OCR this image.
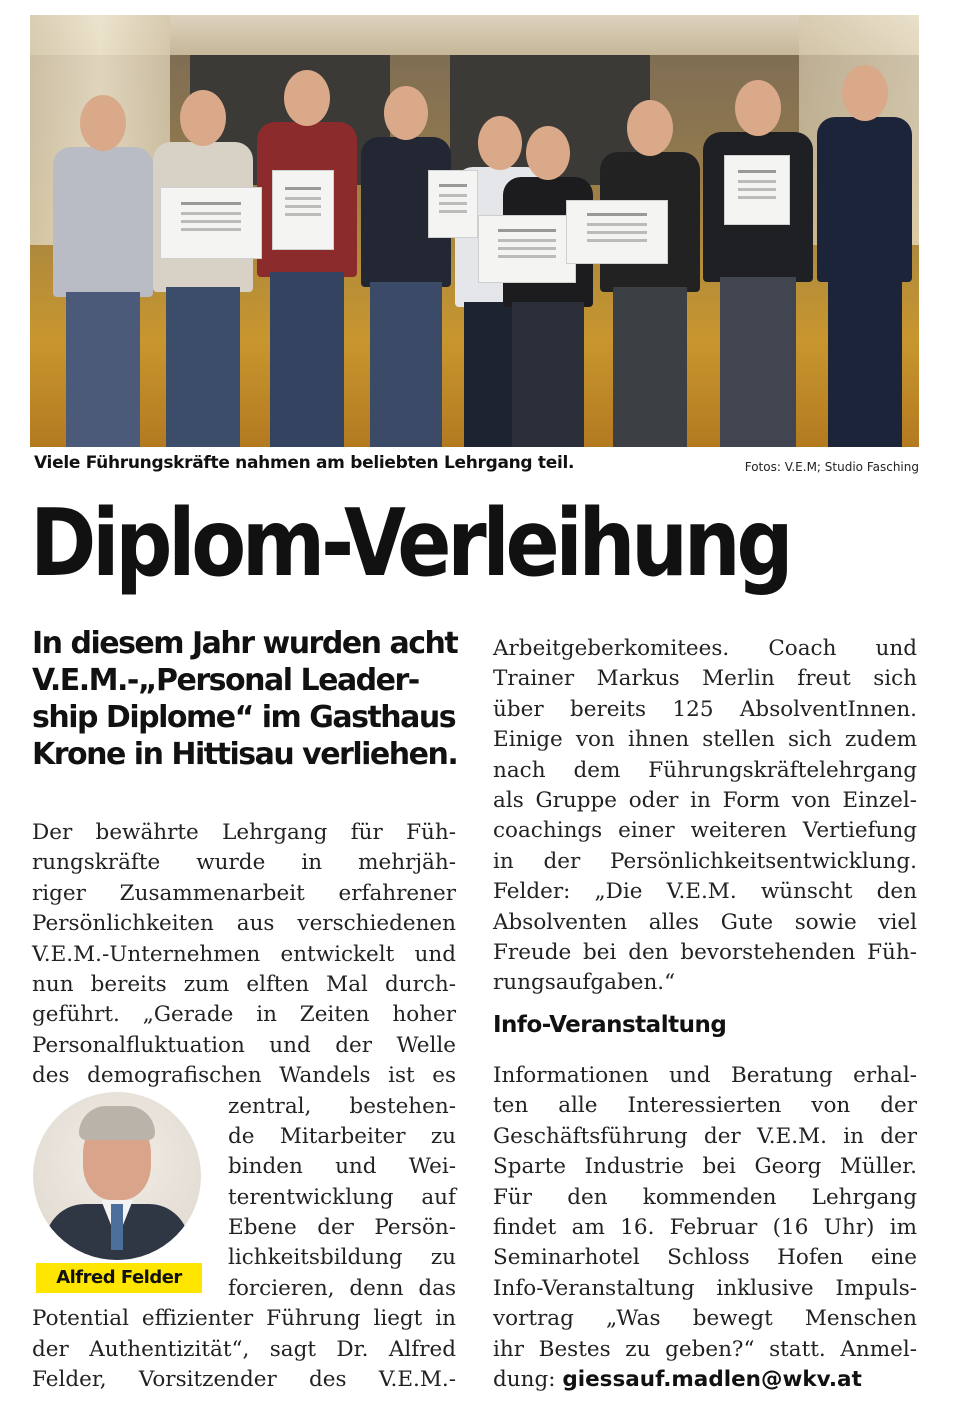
Viele Führungskräfte nahmen am beliebten Lehrgang teil.	Fotos: V.E.M; Studio Fasching
Diplom-Verleihung
In diesem Jahr wurden acht
V.E.M.-„Personal Leader-
ship Diplome“ im Gasthaus
Krone in Hittisau verliehen.
Der bewährte Lehrgang für Füh-
rungskräfte wurde in mehrjäh-
riger Zusammenarbeit erfahrener
Persönlichkeiten aus verschiedenen
V.E.M.-Unternehmen entwickelt und
nun bereits zum elften Mal durch-
geführt. „Gerade in Zeiten hoher
Personalfluktuation und der Welle
des demografischen Wandels ist es
zentral, bestehen-
de Mitarbeiter zu
binden und Wei-
terentwicklung auf
Ebene der Persön-
lichkeitsbildung zu
forcieren, denn das
Potential effizienter Führung liegt in
der Authentizität“, sagt Dr. Alfred
Felder, Vorsitzender des V.E.M.-
Alfred Felder
Arbeitgeberkomitees. Coach und
Trainer Markus Merlin freut sich
über bereits 125 AbsolventInnen.
Einige von ihnen stellen sich zudem
nach dem Führungskräftelehrgang
als Gruppe oder in Form von Einzel-
coachings einer weiteren Vertiefung
in der Persönlichkeitsentwicklung.
Felder: „Die V.E.M. wünscht den
Absolventen alles Gute sowie viel
Freude bei den bevorstehenden Füh-
rungsaufgaben.“
Info-Veranstaltung
Informationen und Beratung erhal-
ten alle Interessierten von der
Geschäftsführung der V.E.M. in der
Sparte Industrie bei Georg Müller.
Für den kommenden Lehrgang
findet am 16. Februar (16 Uhr) im
Seminarhotel Schloss Hofen eine
Info-Veranstaltung inklusive Impuls-
vortrag „Was bewegt Menschen
ihr Bestes zu geben?“ statt. Anmel-
dung: giessauf.madlen@wkv.at
